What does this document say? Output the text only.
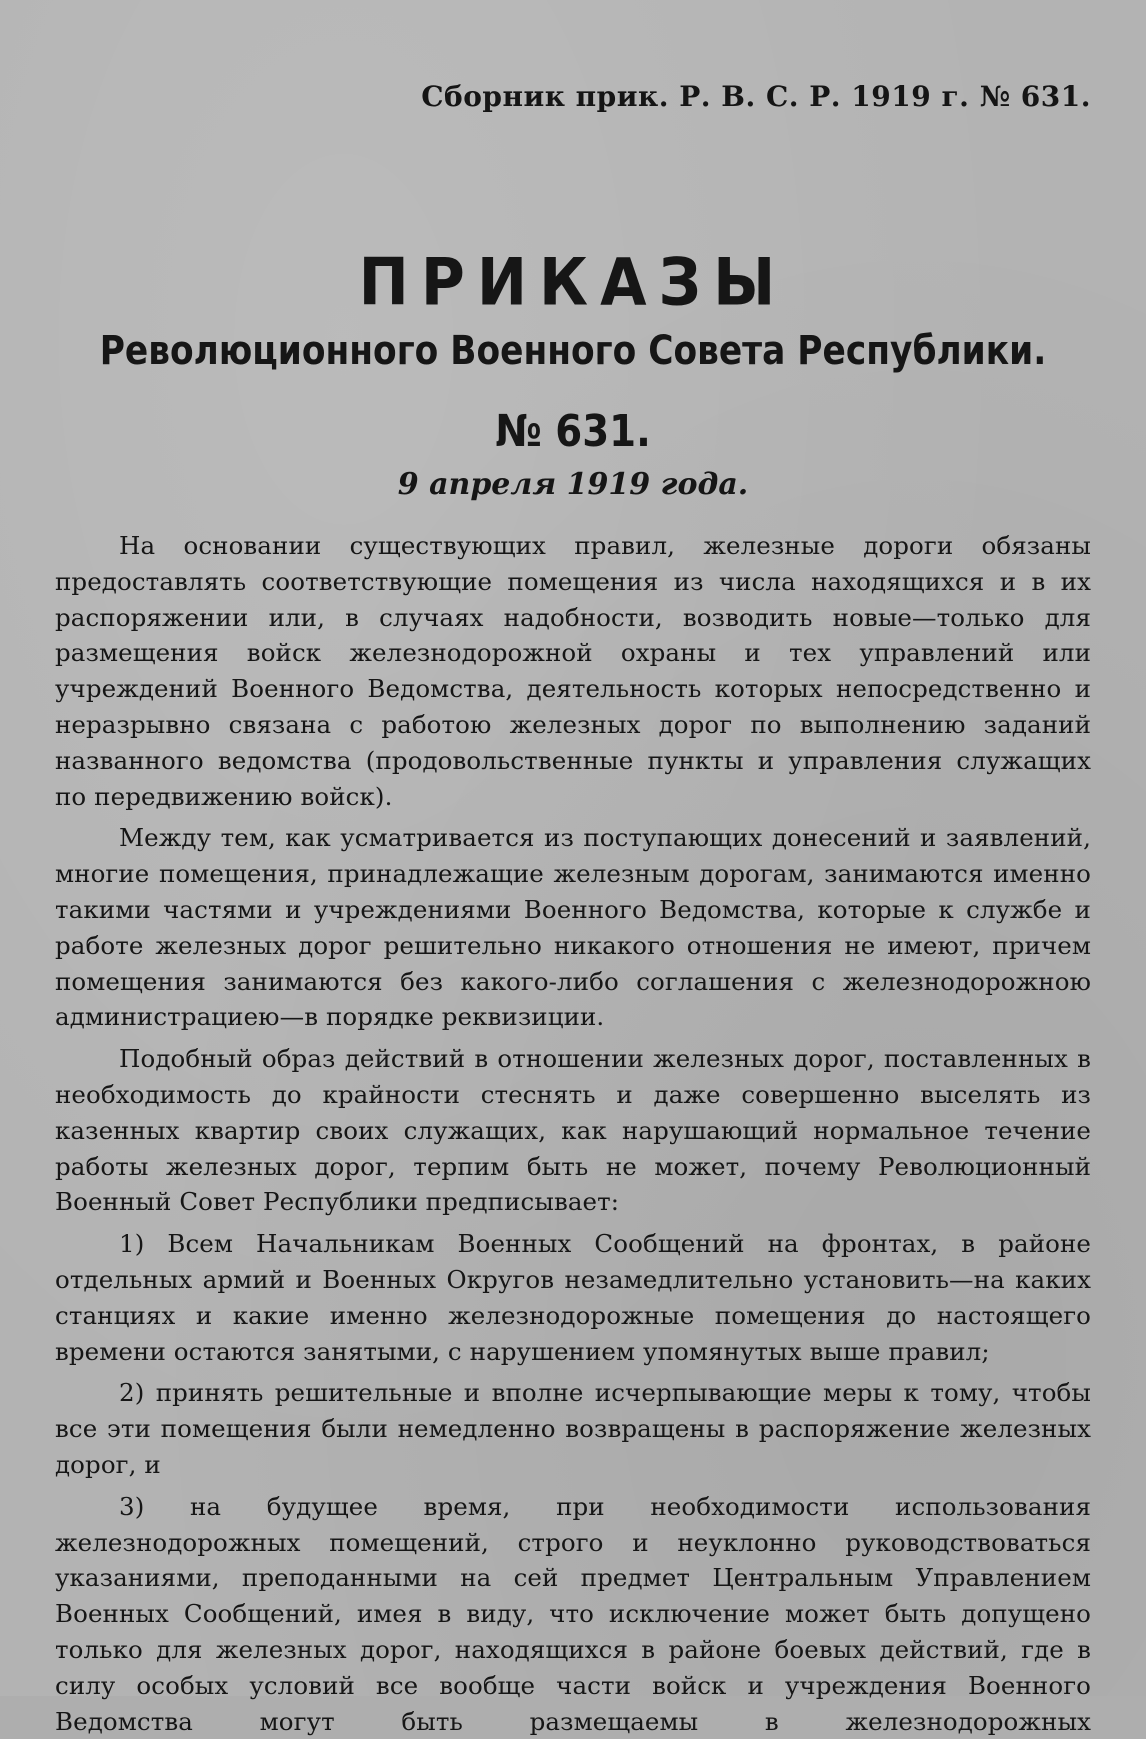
Сборник прик. Р. В. С. Р. 1919 г. № 631.
ПРИКАЗЫ
Революционного Военного Совета Республики.
№ 631.
9 апреля 1919 года.

На основании существующих правил, железные дороги обязаны предоставлять соответствующие помещения из числа находящихся и в их распоряжении или, в случаях надобности, возводить новые—только для размещения войск железнодорожной охраны и тех управлений или учреждений Военного Ведомства, деятельность которых непосредственно и неразрывно связана с работою железных дорог по выполнению заданий названного ведомства (продовольственные пункты и управления служащих по передвижению войск).

Между тем, как усматривается из поступающих донесений и заявлений, многие помещения, принадлежащие железным дорогам, занимаются именно такими частями и учреждениями Военного Ведомства, которые к службе и работе железных дорог решительно никакого отношения не имеют, причем помещения занимаются без какого-либо соглашения с железнодорожною администрациею—в порядке реквизиции.

Подобный образ действий в отношении железных дорог, поставленных в необходимость до крайности стеснять и даже совершенно выселять из казенных квартир своих служащих, как нарушающий нормальное течение работы железных дорог, терпим быть не может, почему Революционный Военный Совет Республики предписывает:

1) Всем Начальникам Военных Сообщений на фронтах, в районе отдельных армий и Военных Округов незамедлительно установить—на каких станциях и какие именно железнодорожные помещения до настоящего времени остаются занятыми, с нарушением упомянутых выше правил;

2) принять решительные и вполне исчерпывающие меры к тому, чтобы все эти помещения были немедленно возвращены в распоряжение железных дорог, и

3) на будущее время, при необходимости использования железнодорожных помещений, строго и неуклонно руководствоваться указаниями, преподанными на сей предмет Центральным Управлением Военных Сообщений, имея в виду, что исключение может быть допущено только для железных дорог, находящихся в районе боевых действий, где в силу особых условий все вообще части войск и учреждения Военного Ведомства могут быть размещаемы в железнодорожных
